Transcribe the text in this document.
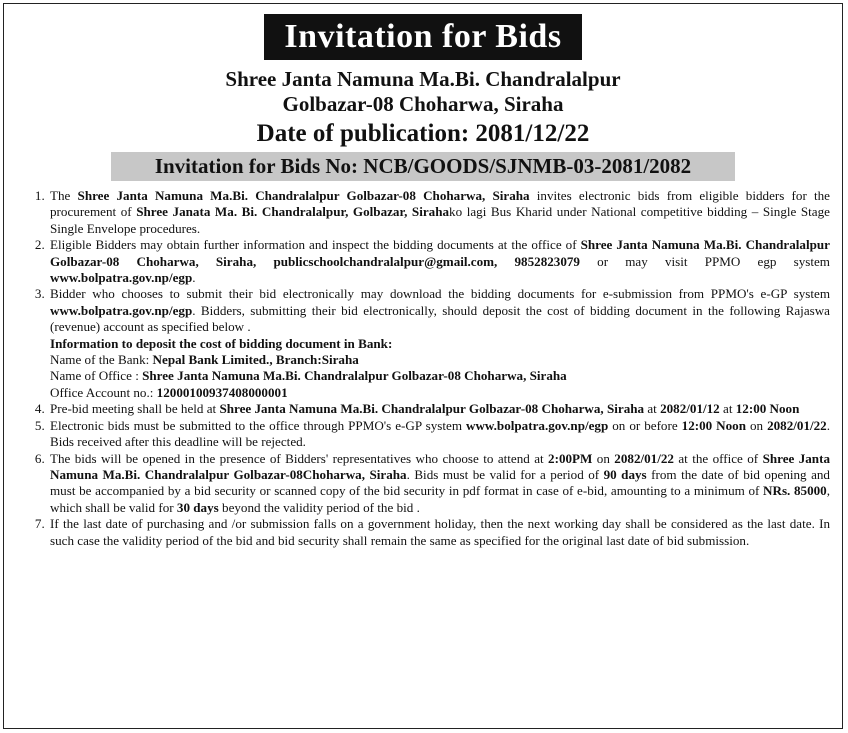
Invitation for Bids
Shree Janta Namuna Ma.Bi. Chandralalpur
Golbazar-08 Choharwa, Siraha
Date of publication: 2081/12/22
Invitation for Bids No: NCB/GOODS/SJNMB-03-2081/2082
1. The Shree Janta Namuna Ma.Bi. Chandralalpur Golbazar-08 Choharwa, Siraha invites electronic bids from eligible bidders for the procurement of Shree Janata Ma. Bi. Chandralalpur, Golbazar, Sirahako lagi Bus Kharid under National competitive bidding – Single Stage Single Envelope procedures.
2. Eligible Bidders may obtain further information and inspect the bidding documents at the office of Shree Janta Namuna Ma.Bi. Chandralalpur Golbazar-08 Choharwa, Siraha, publicschoolchandralalpur@gmail.com, 9852823079 or may visit PPMO egp system www.bolpatra.gov.np/egp.
3. Bidder who chooses to submit their bid electronically may download the bidding documents for e-submission from PPMO's e-GP system www.bolpatra.gov.np/egp. Bidders, submitting their bid electronically, should deposit the cost of bidding document in the following Rajaswa (revenue) account as specified below .
Information to deposit the cost of bidding document in Bank:
Name of the Bank: Nepal Bank Limited., Branch:Siraha
Name of Office : Shree Janta Namuna Ma.Bi. Chandralalpur Golbazar-08 Choharwa, Siraha
Office Account no.: 12000100937408000001
4. Pre-bid meeting shall be held at Shree Janta Namuna Ma.Bi. Chandralalpur Golbazar-08 Choharwa, Siraha at 2082/01/12 at 12:00 Noon
5. Electronic bids must be submitted to the office through PPMO's e-GP system www.bolpatra.gov.np/egp on or before 12:00 Noon on 2082/01/22. Bids received after this deadline will be rejected.
6. The bids will be opened in the presence of Bidders' representatives who choose to attend at 2:00PM on 2082/01/22 at the office of Shree Janta Namuna Ma.Bi. Chandralalpur Golbazar-08Choharwa, Siraha. Bids must be valid for a period of 90 days from the date of bid opening and must be accompanied by a bid security or scanned copy of the bid security in pdf format in case of e-bid, amounting to a minimum of NRs. 85000, which shall be valid for 30 days beyond the validity period of the bid .
7. If the last date of purchasing and /or submission falls on a government holiday, then the next working day shall be considered as the last date. In such case the validity period of the bid and bid security shall remain the same as specified for the original last date of bid submission.
